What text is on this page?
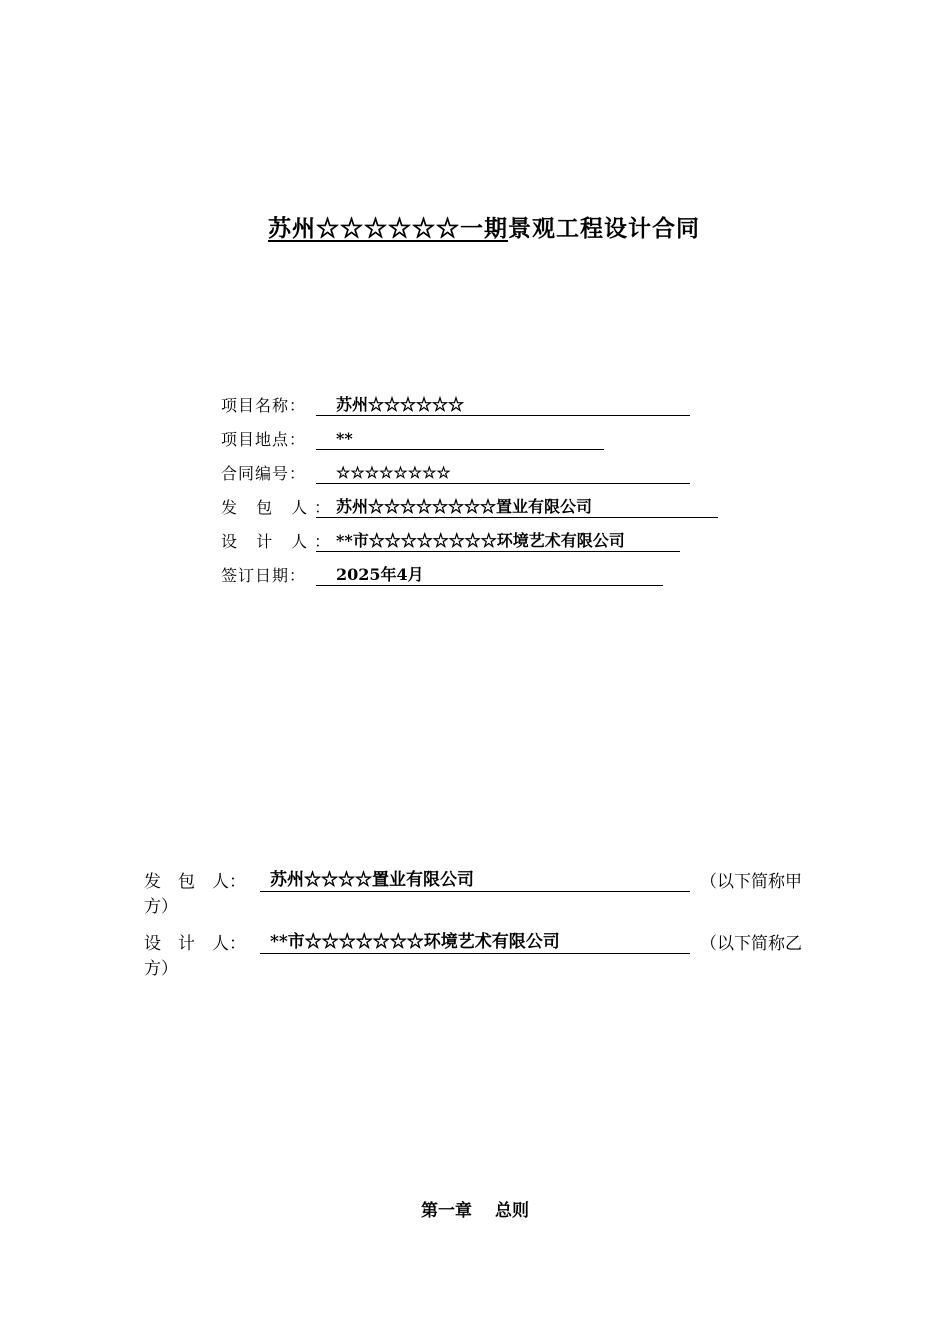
苏州☆☆☆☆☆☆一期景观工程设计合同
项目名称：	苏州☆☆☆☆☆☆
项目地点：	**
合同编号：	☆☆☆☆☆☆☆☆
发 包 人：
苏州☆☆☆☆☆☆☆☆置业有限公司
设 计 人：
**市☆☆☆☆☆☆☆☆环境艺术有限公司
签订日期：	2025年4月
发　包　人：	苏州☆☆☆☆置业有限公司	（以下简称甲
方）
设　计　人：	**市☆☆☆☆☆☆☆环境艺术有限公司	（以下简称乙
方）
第一章　 总则
